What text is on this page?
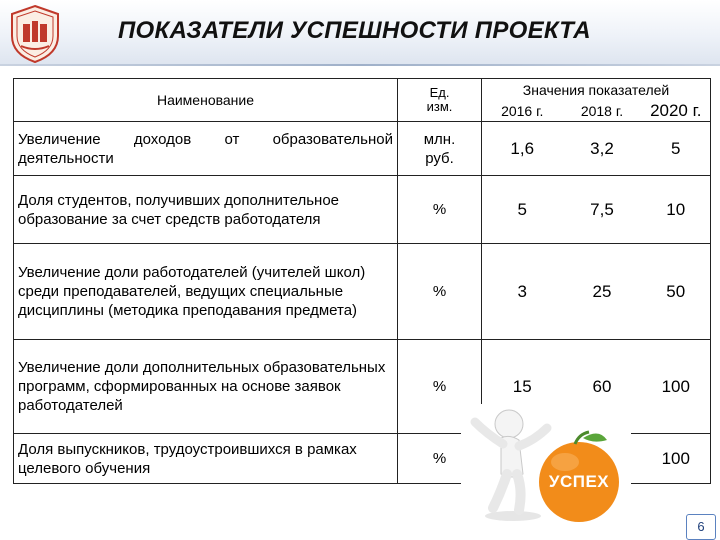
ПОКАЗАТЕЛИ УСПЕШНОСТИ ПРОЕКТА
Наименование	Ед. изм.	Значения показателей		
		2016 г.	2018 г.	2020 г.
Увеличение доходов от образовательной деятельности	млн. руб.	1,6	3,2	5
Доля студентов, получивших дополнительное образование за счет средств работодателя	%	5	7,5	10
Увеличение доли работодателей (учителей школ) среди преподавателей, ведущих специальные дисциплины (методика преподавания предмета)	%	3	25	50
Увеличение доли дополнительных образовательных программ, сформированных на основе заявок работодателей	%	15	60	100
Доля выпускников, трудоустроившихся в рамках целевого обучения	%			100
УСПЕХ
6
